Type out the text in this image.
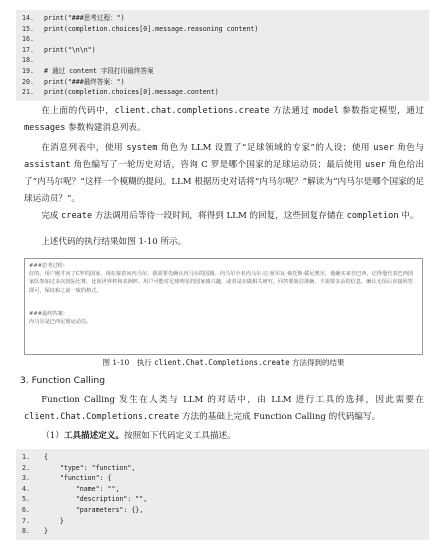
14. print("###思考过程：")
15. print(completion.choices[0].message.reasoning content)
16.
17. print("\n\n")
18.
19. # 通过 content 字段打印最终答案
20. print("###最终答案：")
21. print(completion.choices[0].message.content)
在上面的代码中，client.chat.completions.create 方法通过 model 参数指定模型，通过 messages 参数构建消息列表。
在消息列表中，使用 system 角色为 LLM 设置了“足球领域的专家”的人设；使用 user 角色与 assistant 角色编写了一轮历史对话，咨询 C 罗是哪个国家的足球运动员；最后使用 user 角色给出了“内马尔呢？”这样一个模糊的提问。LLM 根据历史对话将“内马尔呢？”解读为“内马尔是哪个国家的足球运动员？”。
完成 create 方法调用后等待一段时间，将得到 LLM 的回复，这些回复存储在 completion 中。
上述代码的执行结果如图 1-10 所示。
###思考过程：
好的，用户刚才问了C罗的国家，现在接着问内马尔。我需要先确认内马尔的国籍。内马尔全名内马尔·达·席尔瓦·桑托斯·儒尼奥尔，他确实来自巴西，记得他代表巴西国家队参加过多次国际比赛，比如世界杯和美洲杯。用户可能对足球明星的国家感兴趣，或者是在做相关研究。回答要简洁准确，不需要多余的信息。确认无误后直接回答即可，保持和之前一致的格式。
###最终答案：
内马尔是巴西足球运动员。
图 1-10　执行 client.Chat.Completions.create 方法得到的结果
3. Function Calling
Function Calling 发生在人类与 LLM 的对话中，由 LLM 进行工具的选择，因此需要在 client.Chat.Completions.create 方法的基础上完成 Function Calling 的代码编写。
（1）工具描述定义。按照如下代码定义工具描述。
1. {
2.    "type": "function",
3.    "function": {
4.        "name": "",
5.        "description": "",
6.        "parameters": {},
7.    }
8. }
